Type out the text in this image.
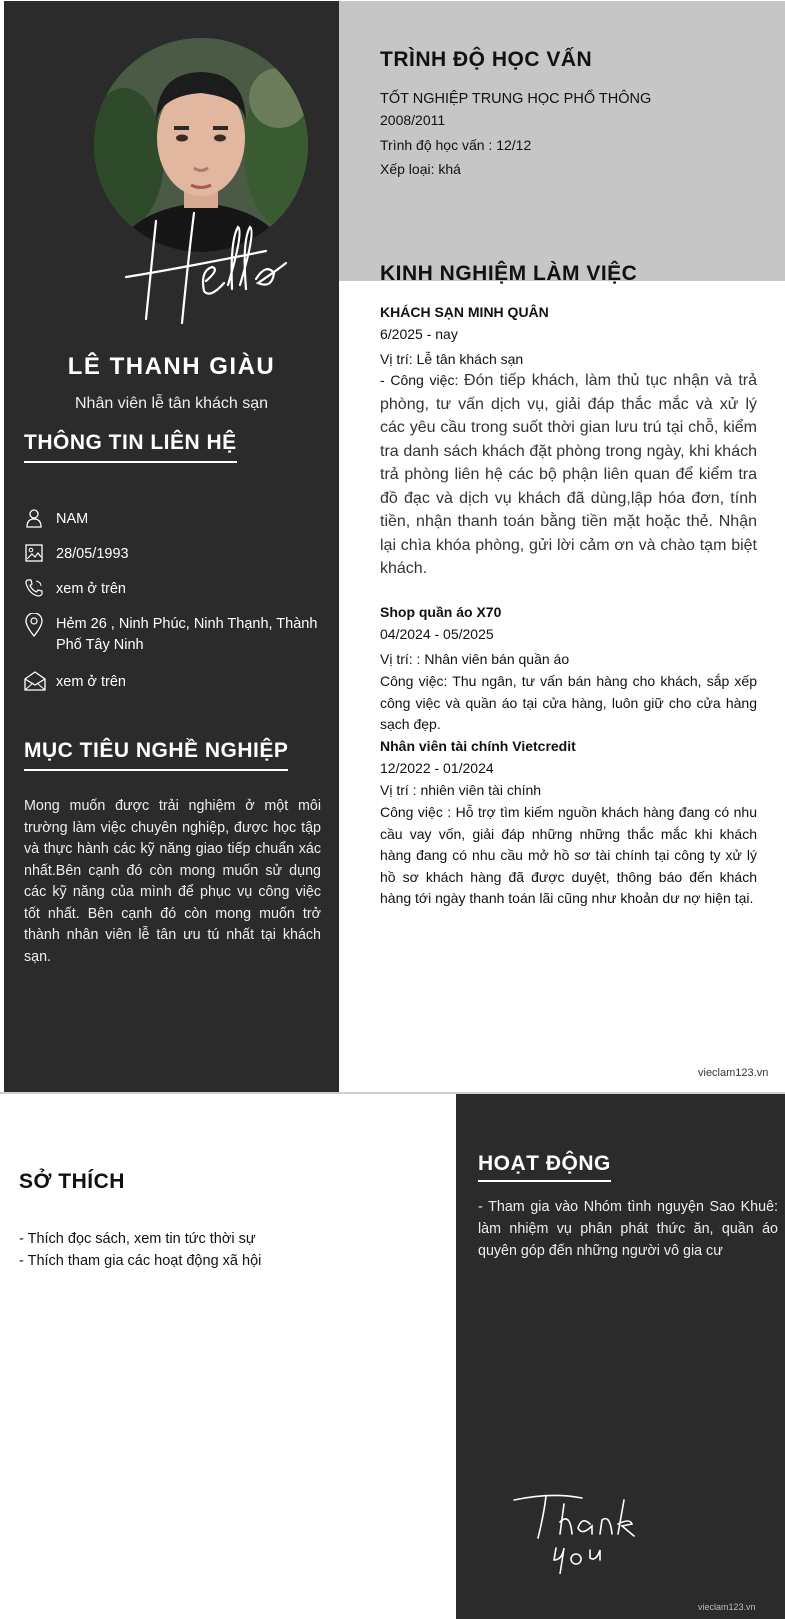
LÊ THANH GIÀU
Nhân viên lễ tân khách sạn
THÔNG TIN LIÊN HỆ
NAM
28/05/1993
xem ở trên
Hẻm 26 , Ninh Phúc, Ninh Thạnh, Thành Phố Tây Ninh
xem ở trên
MỤC TIÊU NGHỀ NGHIỆP
Mong muốn được trải nghiệm ở một môi trường làm việc chuyên nghiệp, được học tập và thực hành các kỹ năng giao tiếp chuẩn xác nhất.Bên cạnh đó còn mong muốn sử dụng các kỹ năng của mình để phục vụ công việc tốt nhất. Bên cạnh đó còn mong muốn trở thành nhân viên lễ tân ưu tú nhất tại khách sạn.
TRÌNH ĐỘ HỌC VẤN
TỐT NGHIỆP TRUNG HỌC PHỔ THÔNG
2008/2011
Trình độ học vấn : 12/12
Xếp loại: khá
KINH NGHIỆM LÀM VIỆC
KHÁCH SẠN MINH QUÂN
6/2025 - nay
Vị trí: Lễ tân khách sạn
- Công việc: Đón tiếp khách, làm thủ tục nhận và trả phòng, tư vấn dịch vụ, giải đáp thắc mắc và xử lý các yêu cầu trong suốt thời gian lưu trú tại chỗ, kiểm tra danh sách khách đặt phòng trong ngày, khi khách trả phòng liên hệ các bộ phận liên quan để kiểm tra đồ đạc và dịch vụ khách đã dùng,lập hóa đơn, tính tiền, nhận thanh toán bằng tiền mặt hoặc thẻ. Nhận lại chìa khóa phòng, gửi lời cảm ơn và chào tạm biệt khách.
Shop quần áo X70
04/2024 - 05/2025
Vị trí: : Nhân viên bán quần áo
Công việc: Thu ngân, tư vấn bán hàng cho khách, sắp xếp công việc và quần áo tại cửa hàng, luôn giữ cho cửa hàng sạch đẹp.
Nhân viên tài chính Vietcredit
12/2022 - 01/2024
Vị trí : nhiên viên tài chính
Công việc : Hỗ trợ tìm kiếm nguồn khách hàng đang có nhu cầu vay vốn, giải đáp những những thắc mắc khi khách hàng đang có nhu cầu mở hồ sơ tài chính tại công ty xử lý hồ sơ khách hàng đã được duyệt, thông báo đến khách hàng tới ngày thanh toán lãi cũng như khoản dư nợ hiện tại.
vieclam123.vn
SỞ THÍCH
- Thích đọc sách, xem tin tức thời sự
- Thích tham gia các hoạt động xã hội
HOẠT ĐỘNG
- Tham gia vào Nhóm tình nguyện Sao Khuê: làm nhiệm vụ phân phát thức ăn, quần áo quyên góp đến những người vô gia cư
vieclam123.vn
